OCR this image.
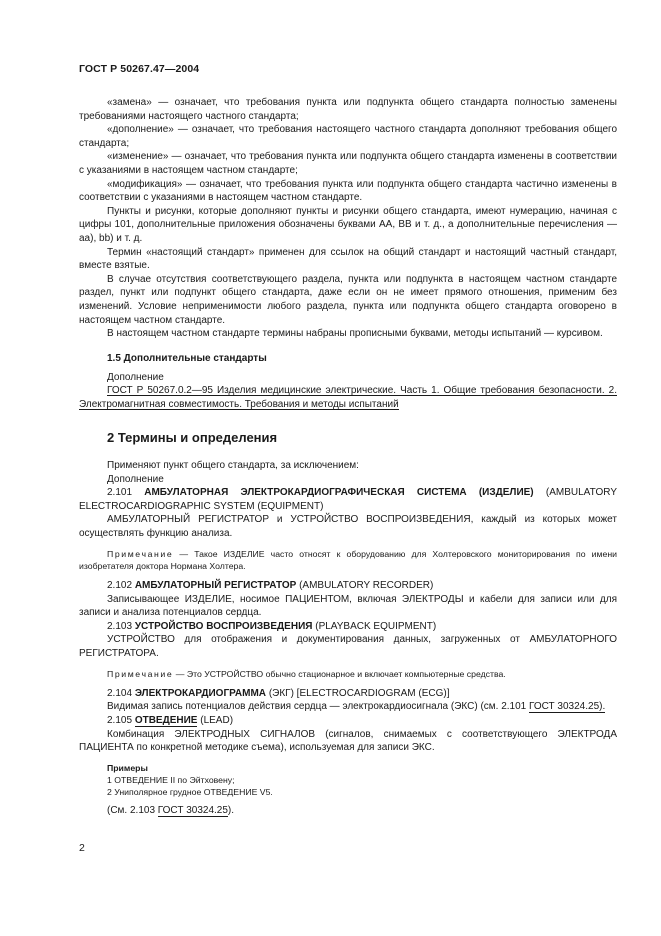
ГОСТ Р 50267.47—2004

«замена» — означает, что требования пункта или подпункта общего стандарта полностью заменены требованиями настоящего частного стандарта;

«дополнение» — означает, что требования настоящего частного стандарта дополняют требования общего стандарта;

«изменение» — означает, что требования пункта или подпункта общего стандарта изменены в соответствии с указаниями в настоящем частном стандарте;

«модификация» — означает, что требования пункта или подпункта общего стандарта частично изменены в соответствии с указаниями в настоящем частном стандарте.

Пункты и рисунки, которые дополняют пункты и рисунки общего стандарта, имеют нумерацию, начиная с цифры 101, дополнительные приложения обозначены буквами АА, ВВ и т. д., а дополнительные перечисления — аа), bb) и т. д.

Термин «настоящий стандарт» применен для ссылок на общий стандарт и настоящий частный стандарт, вместе взятые.

В случае отсутствия соответствующего раздела, пункта или подпункта в настоящем частном стандарте раздел, пункт или подпункт общего стандарта, даже если он не имеет прямого отношения, применим без изменений. Условие неприменимости любого раздела, пункта или подпункта общего стандарта оговорено в настоящем частном стандарте.

В настоящем частном стандарте термины набраны прописными буквами, методы испытаний — курсивом.

1.5 Дополнительные стандарты
Дополнение

ГОСТ Р 50267.0.2—95 Изделия медицинские электрические. Часть 1. Общие требования безопасности. 2. Электромагнитная совместимость. Требования и методы испытаний

2 Термины и определения
Применяют пункт общего стандарта, за исключением:
Дополнение

2.101 АМБУЛАТОРНАЯ ЭЛЕКТРОКАРДИОГРАФИЧЕСКАЯ СИСТЕМА (ИЗДЕЛИЕ) (AMBULATORY ELECTROCARDIOGRAPHIC SYSTEM (EQUIPMENT)

АМБУЛАТОРНЫЙ РЕГИСТРАТОР и УСТРОЙСТВО ВОСПРОИЗВЕДЕНИЯ, каждый из которых может осуществлять функцию анализа.

Примечание — Такое ИЗДЕЛИЕ часто относят к оборудованию для Холтеровского мониторирования по имени изобретателя доктора Нормана Холтера.

2.102 АМБУЛАТОРНЫЙ РЕГИСТРАТОР (AMBULATORY RECORDER)

Записывающее ИЗДЕЛИЕ, носимое ПАЦИЕНТОМ, включая ЭЛЕКТРОДЫ и кабели для записи или для записи и анализа потенциалов сердца.

2.103 УСТРОЙСТВО ВОСПРОИЗВЕДЕНИЯ (PLAYBACK EQUIPMENT)

УСТРОЙСТВО для отображения и документирования данных, загруженных от АМБУЛАТОРНОГО РЕГИСТРАТОРА.

Примечание — Это УСТРОЙСТВО обычно стационарное и включает компьютерные средства.

2.104 ЭЛЕКТРОКАРДИОГРАММА (ЭКГ) [ELECTROCARDIOGRAM (ECG)]

Видимая запись потенциалов действия сердца — электрокардиосигнала (ЭКС) (см. 2.101 ГОСТ 30324.25).

2.105 ОТВЕДЕНИЕ (LEAD)

Комбинация ЭЛЕКТРОДНЫХ СИГНАЛОВ (сигналов, снимаемых с соответствующего ЭЛЕКТРОДА ПАЦИЕНТА по конкретной методике съема), используемая для записи ЭКС.

Примеры
1 ОТВЕДЕНИЕ II по Эйтховену;
2 Униполярное грудное ОТВЕДЕНИЕ V5.
(См. 2.103 ГОСТ 30324.25).
2
